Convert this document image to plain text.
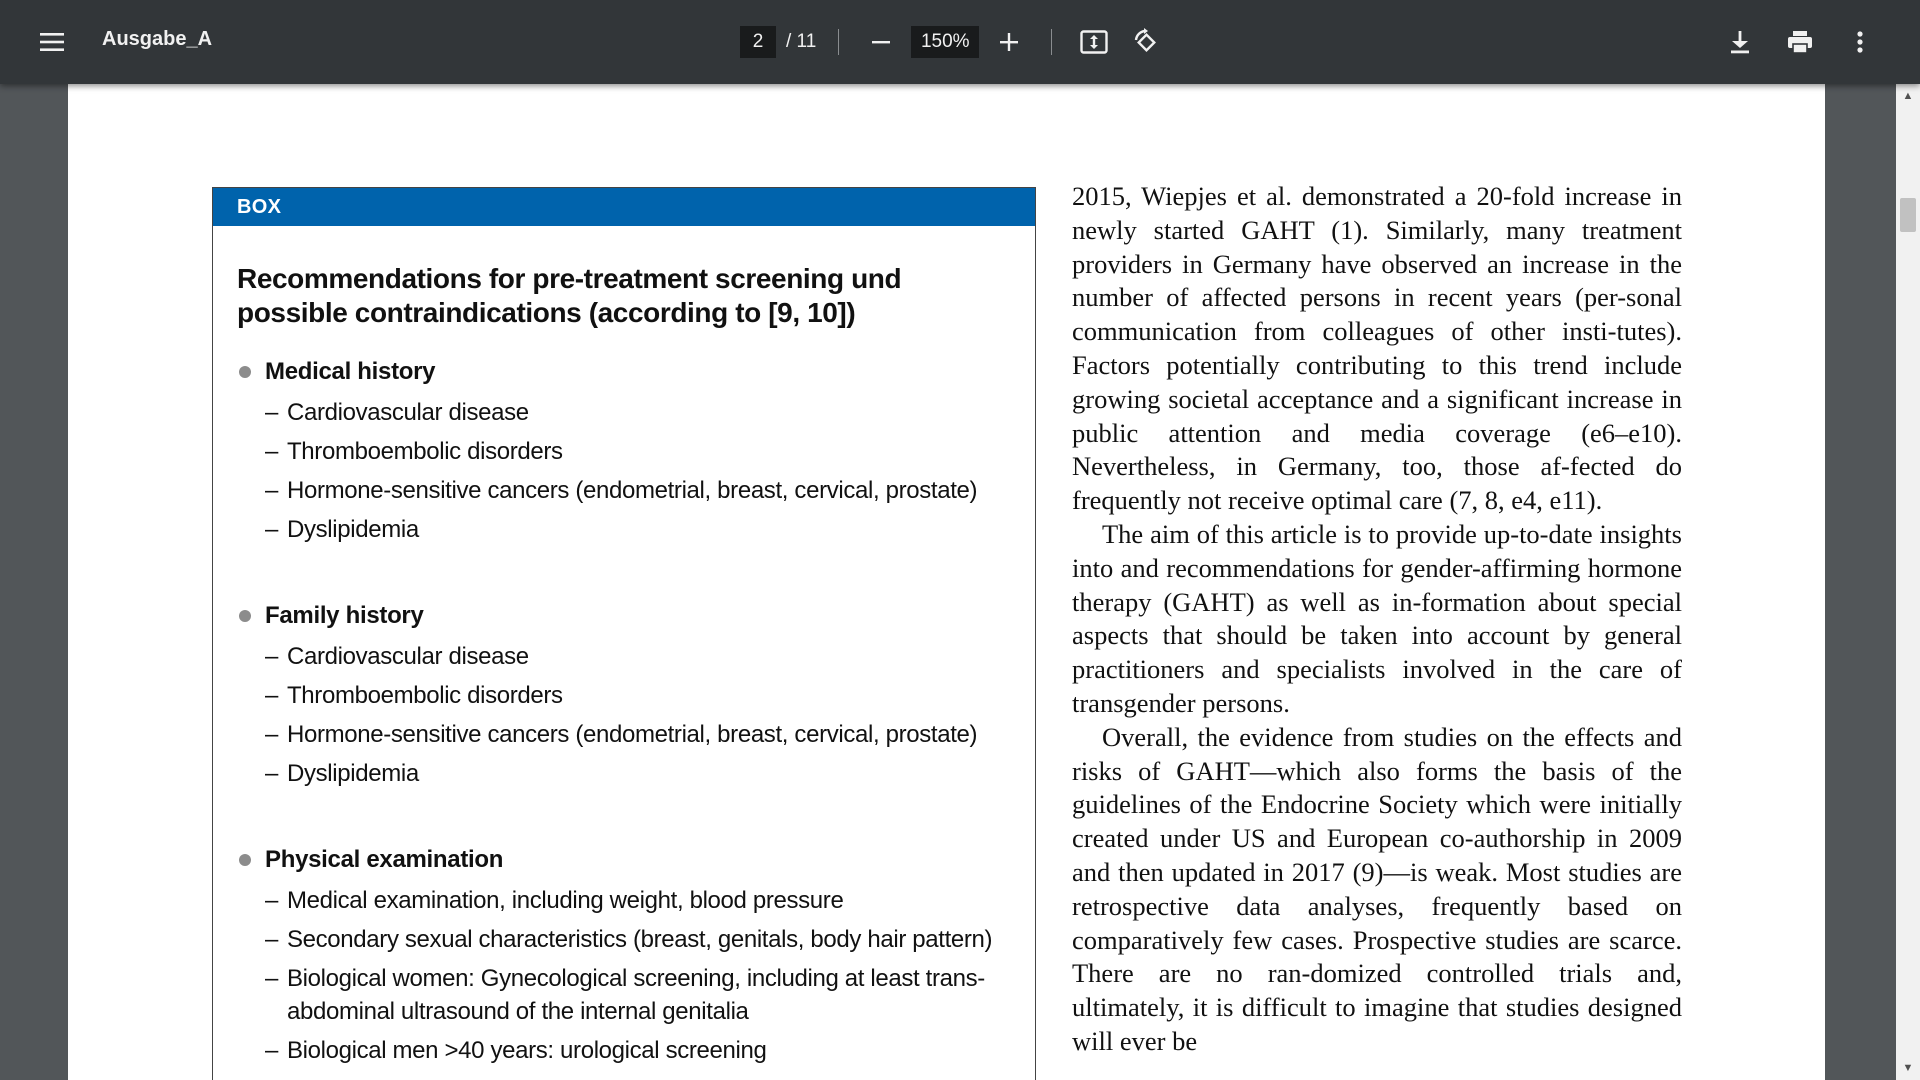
Ausgabe_A	2	/ 11	150%
BOX
Recommendations for pre-treatment screening und possible contraindications (according to [9, 10])
Medical history
– Cardiovascular disease
– Thromboembolic disorders
– Hormone-sensitive cancers (endometrial, breast, cervical, prostate)
– Dyslipidemia
Family history
– Cardiovascular disease
– Thromboembolic disorders
– Hormone-sensitive cancers (endometrial, breast, cervical, prostate)
– Dyslipidemia
Physical examination
– Medical examination, including weight, blood pressure
– Secondary sexual characteristics (breast, genitals, body hair pattern)
– Biological women: Gynecological screening, including at least trans-abdominal ultrasound of the internal genitalia
– Biological men >40 years: urological screening

2015, Wiepjes et al. demonstrated a 20-fold increase in newly started GAHT (1). Similarly, many treatment providers in Germany have observed an increase in the number of affected persons in recent years (per-sonal communication from colleagues of other insti-tutes). Factors potentially contributing to this trend include growing societal acceptance and a significant increase in public attention and media coverage (e6–e10). Nevertheless, in Germany, too, those af-fected do frequently not receive optimal care (7, 8, e4, e11).

The aim of this article is to provide up-to-date insights into and recommendations for gender-affirming hormone therapy (GAHT) as well as in-formation about special aspects that should be taken into account by general practitioners and specialists involved in the care of transgender persons.

Overall, the evidence from studies on the effects and risks of GAHT—which also forms the basis of the guidelines of the Endocrine Society which were initially created under US and European co-authorship in 2009 and then updated in 2017 (9)—is weak. Most studies are retrospective data analyses, frequently based on comparatively few cases. Prospective studies are scarce. There are no ran-domized controlled trials and, ultimately, it is difficult to imagine that studies designed will ever be

▲
▼
